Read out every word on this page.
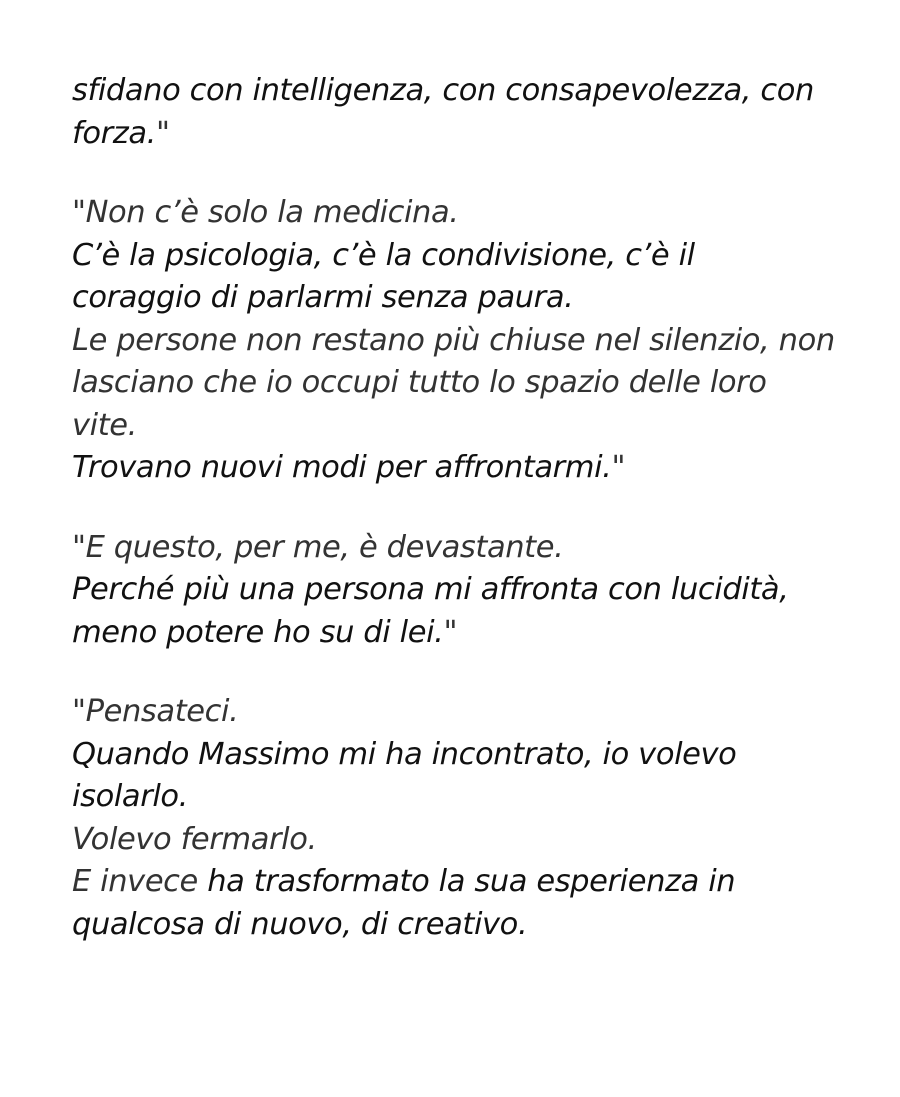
sfidano con intelligenza, con consapevolezza, con
forza."
"Non c’è solo la medicina.
C’è la psicologia, c’è la condivisione, c’è il
coraggio di parlarmi senza paura.
Le persone non restano più chiuse nel silenzio, non
lasciano che io occupi tutto lo spazio delle loro
vite.
Trovano nuovi modi per affrontarmi."
"E questo, per me, è devastante.
Perché più una persona mi affronta con lucidità,
meno potere ho su di lei."
"Pensateci.
Quando Massimo mi ha incontrato, io volevo
isolarlo.
Volevo fermarlo.
E invece ha trasformato la sua esperienza in
qualcosa di nuovo, di creativo.
